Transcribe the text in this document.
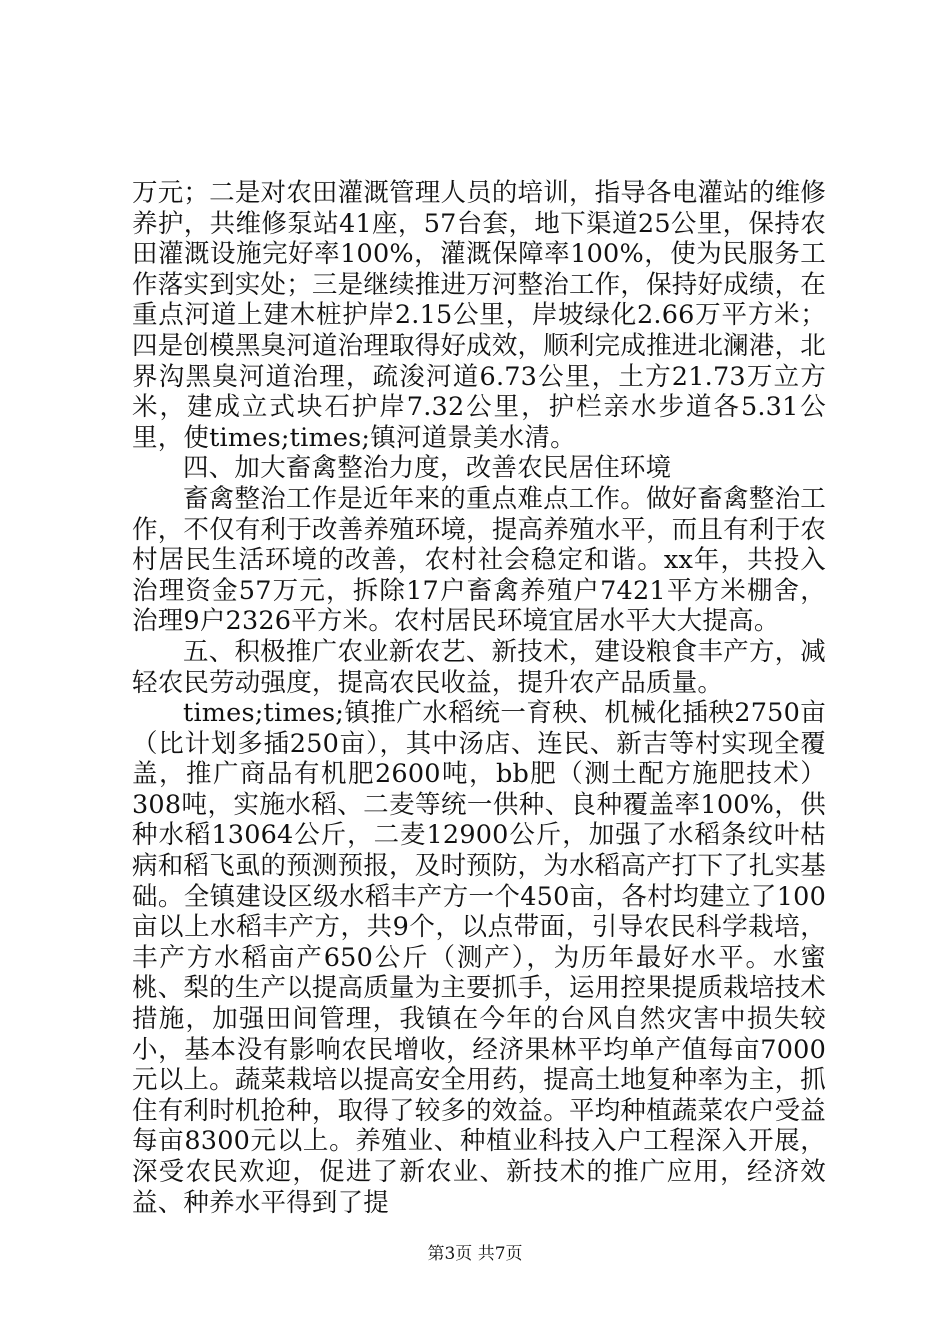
万元；二是对农田灌溉管理人员的培训，指导各电灌站的维修养护，共维修泵站41座，57台套，地下渠道25公里，保持农田灌溉设施完好率100%，灌溉保障率100%，使为民服务工作落实到实处；三是继续推进万河整治工作，保持好成绩，在重点河道上建木桩护岸2.15公里，岸坡绿化2.66万平方米；四是创模黑臭河道治理取得好成效，顺利完成推进北澜港，北界沟黑臭河道治理，疏浚河道6.73公里，土方21.73万立方米，建成立式块石护岸7.32公里，护栏亲水步道各5.31公里，使times;times;镇河道景美水清。

四、加大畜禽整治力度，改善农民居住环境

畜禽整治工作是近年来的重点难点工作。做好畜禽整治工作，不仅有利于改善养殖环境，提高养殖水平，而且有利于农村居民生活环境的改善，农村社会稳定和谐。xx年，共投入治理资金57万元，拆除17户畜禽养殖户7421平方米棚舍，治理9户2326平方米。农村居民环境宜居水平大大提高。

五、积极推广农业新农艺、新技术，建设粮食丰产方，减轻农民劳动强度，提高农民收益，提升农产品质量。

times;times;镇推广水稻统一育秧、机械化插秧2750亩（比计划多插250亩），其中汤店、连民、新吉等村实现全覆盖，推广商品有机肥2600吨，bb肥（测土配方施肥技术）308吨，实施水稻、二麦等统一供种、良种覆盖率100%，供种水稻13064公斤，二麦12900公斤，加强了水稻条纹叶枯病和稻飞虱的预测预报，及时预防，为水稻高产打下了扎实基础。全镇建设区级水稻丰产方一个450亩，各村均建立了100亩以上水稻丰产方，共9个，以点带面，引导农民科学栽培，丰产方水稻亩产650公斤（测产），为历年最好水平。水蜜桃、梨的生产以提高质量为主要抓手，运用控果提质栽培技术措施，加强田间管理，我镇在今年的台风自然灾害中损失较小，基本没有影响农民增收，经济果林平均单产值每亩7000元以上。蔬菜栽培以提高安全用药，提高土地复种率为主，抓住有利时机抢种，取得了较多的效益。平均种植蔬菜农户受益每亩8300元以上。养殖业、种植业科技入户工程深入开展，深受农民欢迎，促进了新农业、新技术的推广应用，经济效益、种养水平得到了提

第3页 共7页
